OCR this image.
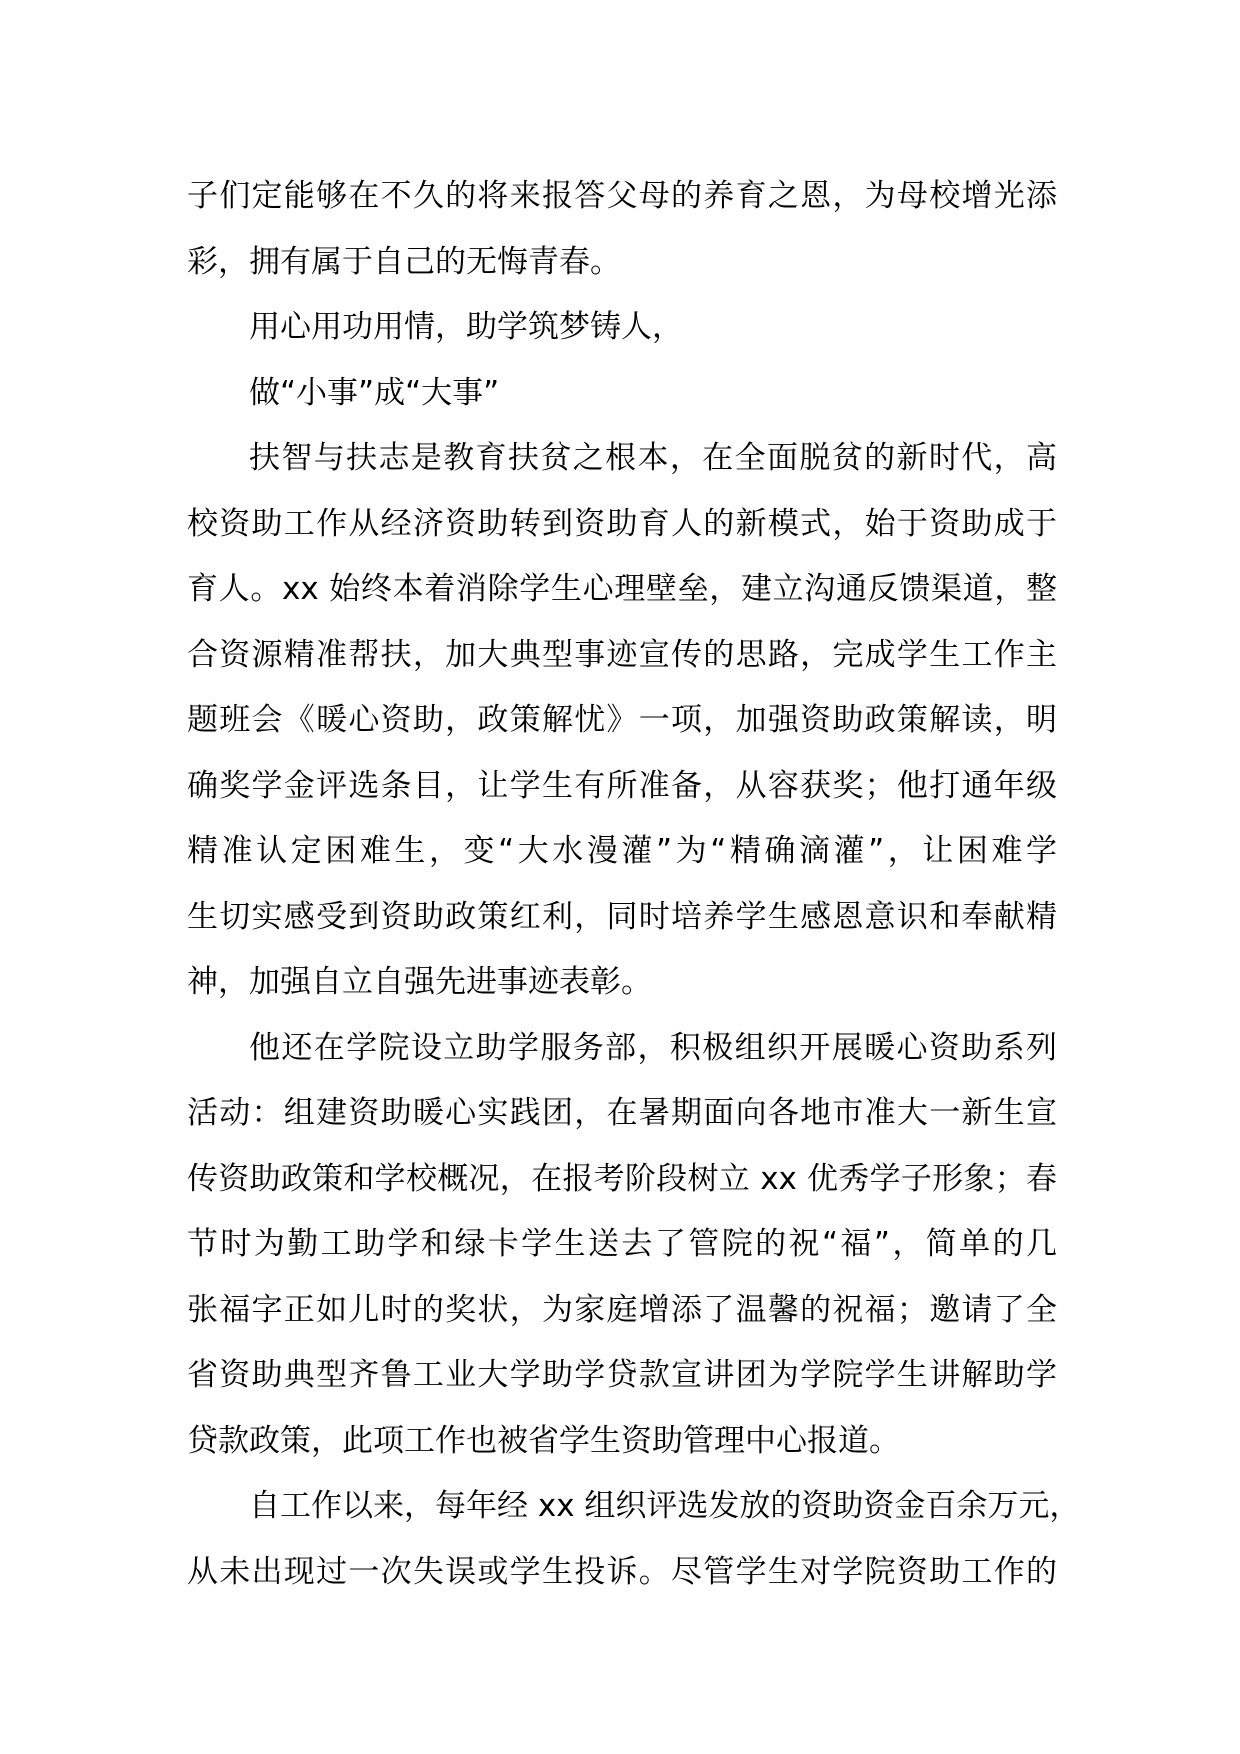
子们定能够在不久的将来报答父母的养育之恩，为母校增光添
彩，拥有属于自己的无悔青春。
用心用功用情，助学筑梦铸人，
做“小事”成“大事”
扶智与扶志是教育扶贫之根本，在全面脱贫的新时代，高
校资助工作从经济资助转到资助育人的新模式，始于资助成于
育人。xx 始终本着消除学生心理壁垒，建立沟通反馈渠道，整
合资源精准帮扶，加大典型事迹宣传的思路，完成学生工作主
题班会《暖心资助，政策解忧》一项，加强资助政策解读，明
确奖学金评选条目，让学生有所准备，从容获奖；他打通年级
精准认定困难生，变“大水漫灌”为“精确滴灌”，让困难学
生切实感受到资助政策红利，同时培养学生感恩意识和奉献精
神，加强自立自强先进事迹表彰。
他还在学院设立助学服务部，积极组织开展暖心资助系列
活动：组建资助暖心实践团，在暑期面向各地市准大一新生宣
传资助政策和学校概况，在报考阶段树立 xx 优秀学子形象；春
节时为勤工助学和绿卡学生送去了管院的祝“福”，简单的几
张福字正如儿时的奖状，为家庭增添了温馨的祝福；邀请了全
省资助典型齐鲁工业大学助学贷款宣讲团为学院学生讲解助学
贷款政策，此项工作也被省学生资助管理中心报道。
自工作以来，每年经 xx 组织评选发放的资助资金百余万元，
从未出现过一次失误或学生投诉。尽管学生对学院资助工作的
